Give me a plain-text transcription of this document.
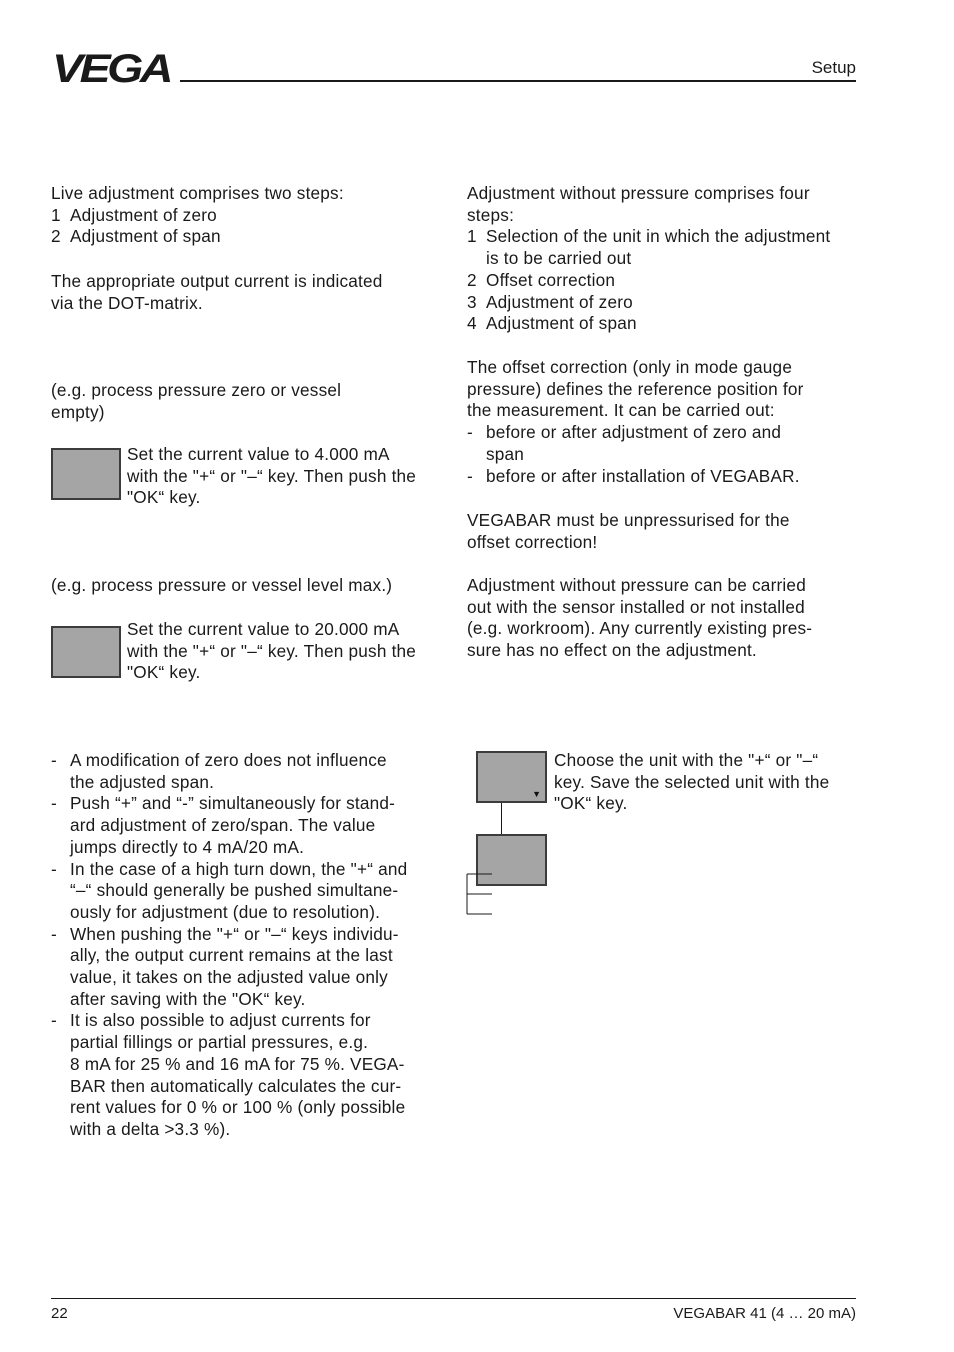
VEGA	Setup
Live adjustment comprises two steps:
1 Adjustment of zero
2 Adjustment of span
The appropriate output current is indicated
via the DOT-matrix.
(e.g. process pressure zero or vessel
empty)
Set the current value to 4.000 mA
with the "+“ or "–“ key. Then push the
"OK“ key.
(e.g. process pressure or vessel level max.)
Set the current value to 20.000 mA
with the "+“ or "–“ key. Then push the
"OK“ key.
- A modification of zero does not influence
the adjusted span.
- Push “+” and “-” simultaneously for stand-
ard adjustment of zero/span. The value
jumps directly to 4 mA/20 mA.
- In the case of a high turn down, the "+“ and
“–“ should generally be pushed simultane-
ously for adjustment (due to resolution).
- When pushing the "+“ or "–“ keys individu-
ally, the output current remains at the last
value, it takes on the adjusted value only
after saving with the "OK“ key.
- It is also possible to adjust currents for
partial fillings or partial pressures, e.g.
8 mA for 25 % and 16 mA for 75 %. VEGA-
BAR then automatically calculates the cur-
rent values for 0 % or 100 % (only possible
with a delta >3.3 %).
Adjustment without pressure comprises four
steps:
1 Selection of the unit in which the adjustment
is to be carried out
2 Offset correction
3 Adjustment of zero
4 Adjustment of span
The offset correction (only in mode gauge
pressure) defines the reference position for
the measurement. It can be carried out:
- before or after adjustment of zero and
span
- before or after installation of VEGABAR.
VEGABAR must be unpressurised for the
offset correction!
Adjustment without pressure can be carried
out with the sensor installed or not installed
(e.g. workroom). Any currently existing pres-
sure has no effect on the adjustment.
▼
Choose the unit with the "+“ or "–“
key. Save the selected unit with the
"OK“ key.
22	VEGABAR 41 (4 … 20 mA)
